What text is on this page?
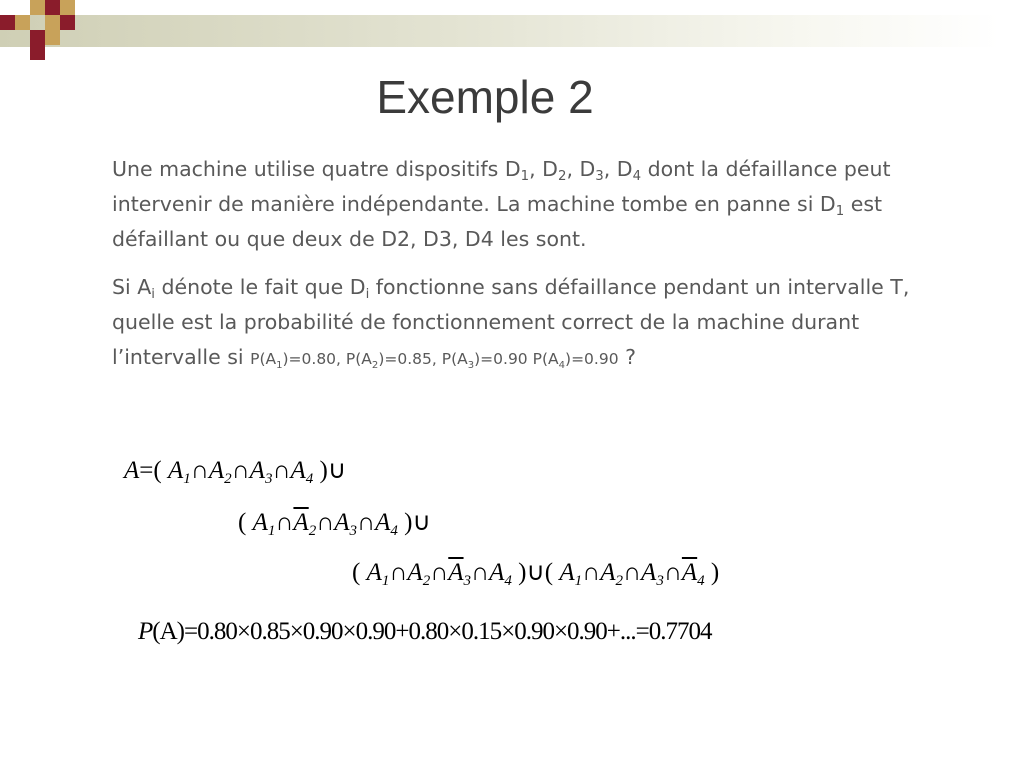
Exemple 2
Une machine utilise quatre dispositifs $D_1$, $D_2$, $D_3$, $D_4$ dont la défaillance peut intervenir de manière indépendante. La machine tombe en panne si $D_1$ est défaillant ou que deux de D2, D3, D4 les sont.
Si $A_i$ dénote le fait que $D_i$ fonctionne sans défaillance pendant un intervalle T, quelle est la probabilité de fonctionnement correct de la machine durant l’intervalle si $P(A_1)=0.80$, $P(A_2)=0.85$, $P(A_3)=0.90$ $P(A_4)=0.90$ ?
A=( $A_1\cap A_2\cap A_3\cap A_4$ )∪
( $A_1\cap\overline{A}_2\cap A_3\cap A_4$ )∪
( $A_1\cap A_2\cap\overline{A}_3\cap A_4$ )∪( $A_1\cap A_2\cap A_3\cap\overline{A}_4$ )
P(A)=0.80×0.85×0.90×0.90+0.80×0.15×0.90×0.90+...=0.7704
